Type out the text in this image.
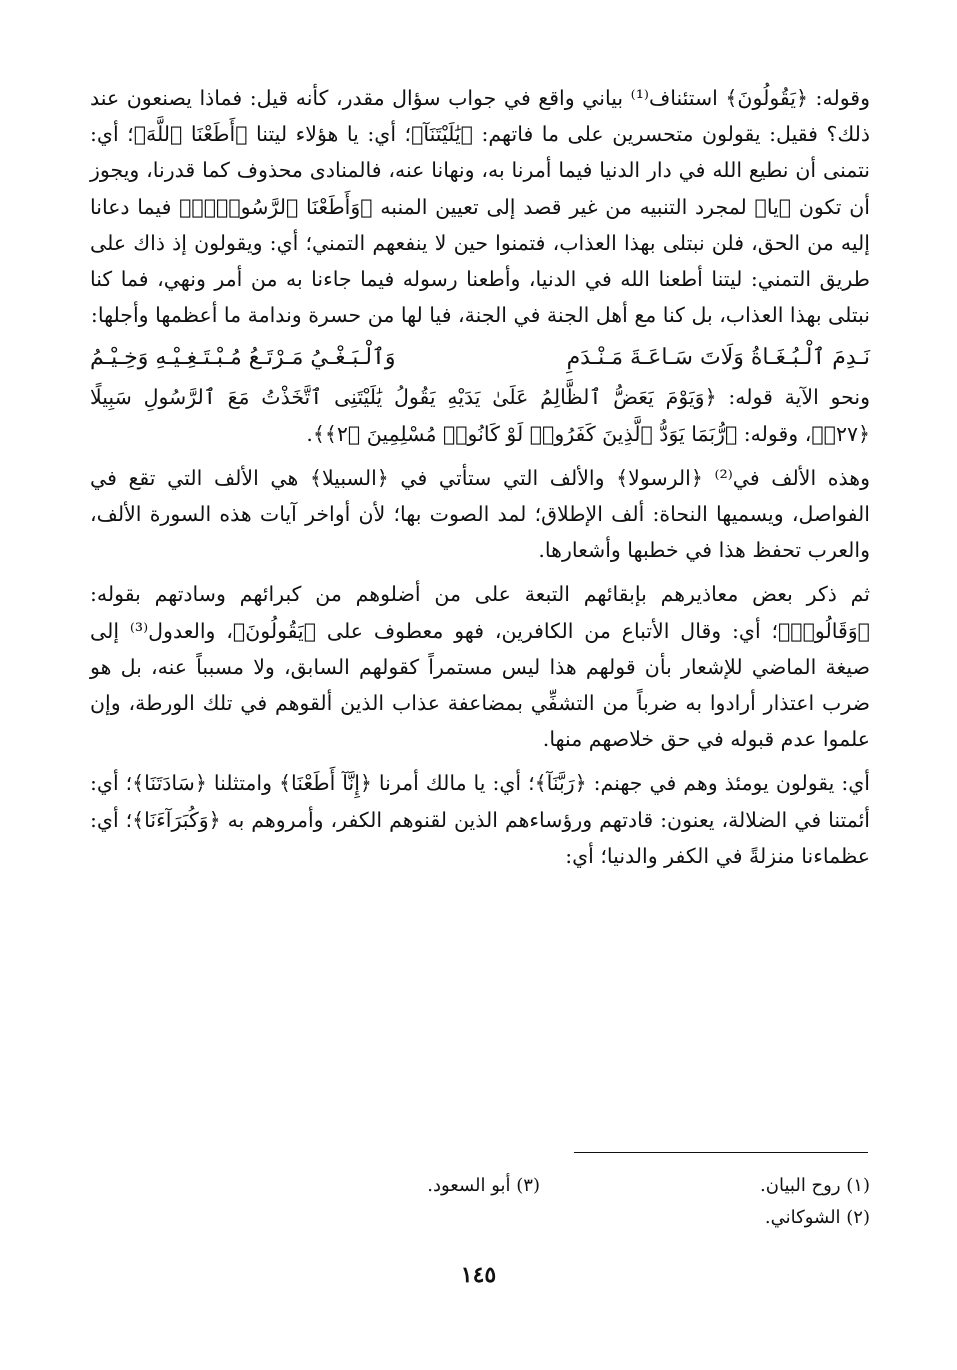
وقوله: ﴿يَقُولُونَ﴾ استئناف⁽¹⁾ بياني واقع في جواب سؤال مقدر، كأنه قيل: فماذا يصنعون عند ذلك؟ فقيل: يقولون متحسرين على ما فاتهم: ﴿يَٰلَيْتَنَآ﴾؛ أي: يا هؤلاء ليتنا ﴿أَطَعْنَا ٱللَّهَ﴾؛ أي: نتمنى أن نطيع الله في دار الدنيا فيما أمرنا به، ونهانا عنه، فالمنادى محذوف كما قدرنا، ويجوز أن تكون ﴿يا﴾ لمجرد التنبيه من غير قصد إلى تعيين المنبه ﴿وَأَطَعْنَا ٱلرَّسُولَا۠﴾ فيما دعانا إليه من الحق، فلن نبتلى بهذا العذاب، فتمنوا حين لا ينفعهم التمني؛ أي: ويقولون إذ ذاك على طريق التمني: ليتنا أطعنا الله في الدنيا، وأطعنا رسوله فيما جاءنا به من أمر ونهي، فما كنا نبتلى بهذا العذاب، بل كنا مع أهل الجنة في الجنة، فيا لها من حسرة وندامة ما أعظمها وأجلها:

نَـدِمَ ٱلْـبُـغَـاةُ وَلَاتَ سَـاعَـةَ مَـنْـدَمِ
وَٱلْـبَـغْـيُ مَـرْتَـعُ مُـبْـتَـغِـيْـهِ وَخِـيْـمُ

ونحو الآية قوله: ﴿وَيَوْمَ يَعَضُّ ٱلظَّالِمُ عَلَىٰ يَدَيْهِ يَقُولُ يَٰلَيْتَنِى ٱتَّخَذْتُ مَعَ ٱلرَّسُولِ سَبِيلًا ﴿٢٧﴾﴾، وقوله: ﴿رُّبَمَا يَوَدُّ ٱلَّذِينَ كَفَرُوا۟ لَوْ كَانُوا۟ مُسْلِمِينَ ﴿٢﴾﴾.

وهذه الألف في⁽²⁾ ﴿الرسولا﴾ والألف التي ستأتي في ﴿السبيلا﴾ هي الألف التي تقع في الفواصل، ويسميها النحاة: ألف الإطلاق؛ لمد الصوت بها؛ لأن أواخر آيات هذه السورة الألف، والعرب تحفظ هذا في خطبها وأشعارها.

ثم ذكر بعض معاذيرهم بإبقائهم التبعة على من أضلوهم من كبرائهم وسادتهم بقوله: ﴿وَقَالُوا۟﴾؛ أي: وقال الأتباع من الكافرين، فهو معطوف على ﴿يَقُولُونَ﴾، والعدول⁽³⁾ إلى صيغة الماضي للإشعار بأن قولهم هذا ليس مستمراً كقولهم السابق، ولا مسبباً عنه، بل هو ضرب اعتذار أرادوا به ضرباً من التشفِّي بمضاعفة عذاب الذين ألقوهم في تلك الورطة، وإن علموا عدم قبوله في حق خلاصهم منها.

أي: يقولون يومئذ وهم في جهنم: ﴿رَبَّنَآ﴾؛ أي: يا مالك أمرنا ﴿إِنَّآ أَطَعْنَا﴾ وامتثلنا ﴿سَادَتَنَا﴾؛ أي: أئمتنا في الضلالة، يعنون: قادتهم ورؤساءهم الذين لقنوهم الكفر، وأمروهم به ﴿وَكُبَرَآءَنَا﴾؛ أي: عظماءنا منزلةً في الكفر والدنيا؛ أي:

(١) روح البيان.
(٣) أبو السعود.
(٢) الشوكاني.
١٤٥
